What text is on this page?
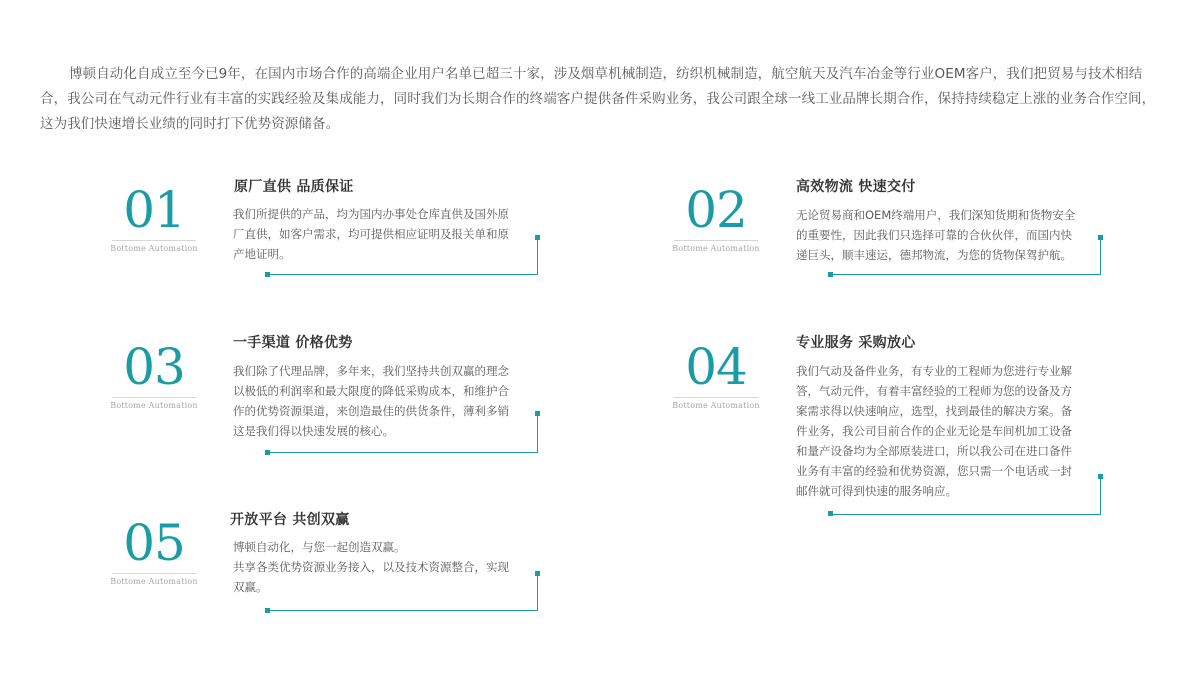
博顿自动化自成立至今已9年，在国内市场合作的高端企业用户名单已超三十家，涉及烟草机械制造，纺织机械制造，航空航天及汽车冶金等行业OEM客户，我们把贸易与技术相结合，我公司在气动元件行业有丰富的实践经验及集成能力，同时我们为长期合作的终端客户提供备件采购业务，我公司跟全球一线工业品牌长期合作，保持持续稳定上涨的业务合作空间，这为我们快速增长业绩的同时打下优势资源储备。

01
Bottome Automation
原厂直供 品质保证
我们所提供的产品，均为国内办事处仓库直供及国外原
厂直供，如客户需求，均可提供相应证明及报关单和原
产地证明。
02
Bottome Automation
高效物流 快速交付
无论贸易商和OEM终端用户，我们深知货期和货物安全
的重要性，因此我们只选择可靠的合伙伙伴，而国内快
递巨头，顺丰速运，德邦物流，为您的货物保驾护航。
03
Bottome Automation
一手渠道 价格优势
我们除了代理品牌，多年来，我们坚持共创双赢的理念
以极低的利润率和最大限度的降低采购成本，和维护合
作的优势资源渠道，来创造最佳的供货条件，薄利多销
这是我们得以快速发展的核心。
04
Bottome Automation
专业服务 采购放心
我们气动及备件业务，有专业的工程师为您进行专业解
答，气动元件，有着丰富经验的工程师为您的设备及方
案需求得以快速响应，选型，找到最佳的解决方案。备
件业务，我公司目前合作的企业无论是车间机加工设备
和量产设备均为全部原装进口，所以我公司在进口备件
业务有丰富的经验和优势资源，您只需一个电话或一封
邮件就可得到快速的服务响应。
05
Bottome Automation
开放平台 共创双赢
博顿自动化，与您一起创造双赢。
共享各类优势资源业务接入，以及技术资源整合，实现
双赢。
